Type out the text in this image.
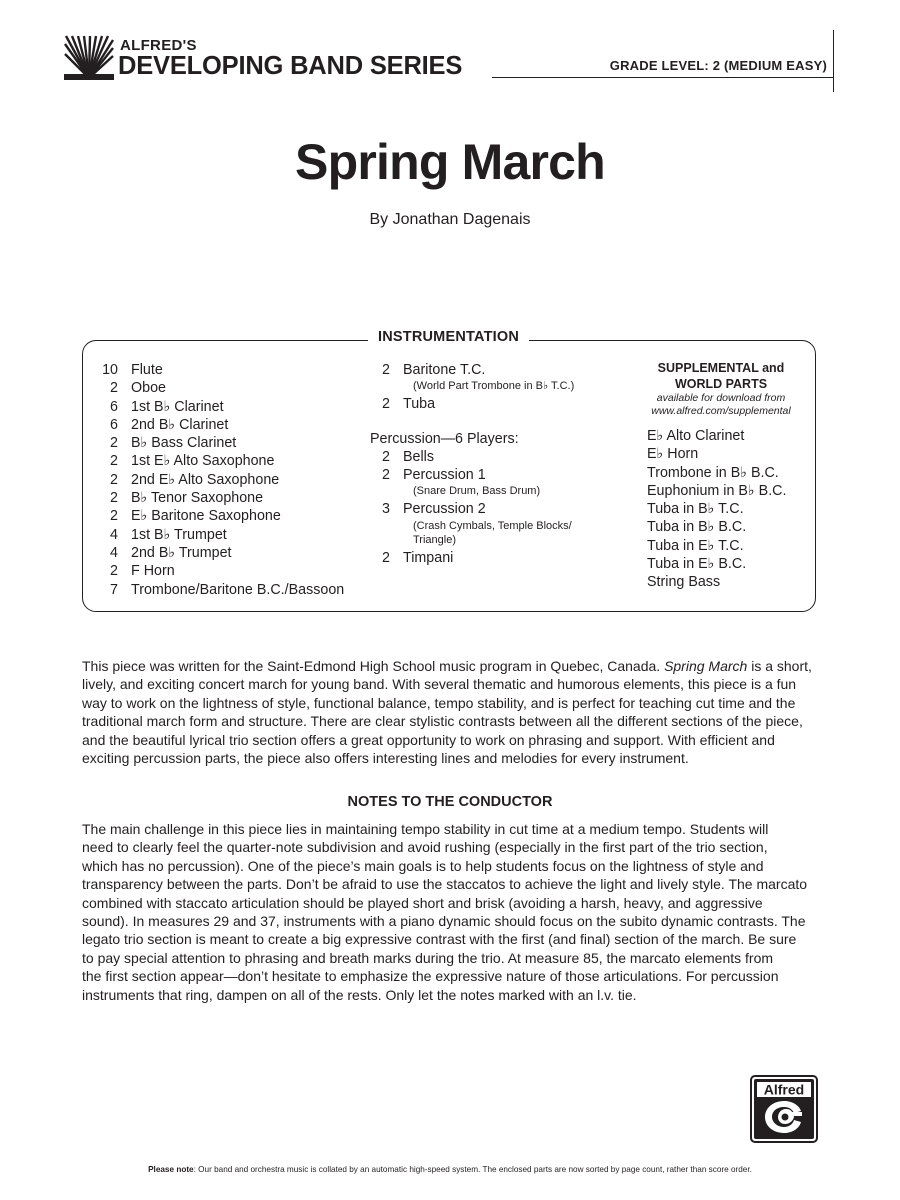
ALFRED'S
DEVELOPING BAND SERIES	GRADE LEVEL: 2 (MEDIUM EASY)
Spring March
By Jonathan Dagenais
INSTRUMENTATION
10 Flute
2 Oboe
6 1st B♭ Clarinet
6 2nd B♭ Clarinet
2 B♭ Bass Clarinet
2 1st E♭ Alto Saxophone
2 2nd E♭ Alto Saxophone
2 B♭ Tenor Saxophone
2 E♭ Baritone Saxophone
4 1st B♭ Trumpet
4 2nd B♭ Trumpet
2 F Horn
7 Trombone/Baritone B.C./Bassoon
2 Baritone T.C.
(World Part Trombone in B♭ T.C.)
2 Tuba
Percussion—6 Players:
2 Bells
2 Percussion 1
(Snare Drum, Bass Drum)
3 Percussion 2
(Crash Cymbals, Temple Blocks/
Triangle)
2 Timpani
SUPPLEMENTAL and
WORLD PARTS
available for download from
www.alfred.com/supplemental
E♭ Alto Clarinet
E♭ Horn
Trombone in B♭ B.C.
Euphonium in B♭ B.C.
Tuba in B♭ T.C.
Tuba in B♭ B.C.
Tuba in E♭ T.C.
Tuba in E♭ B.C.
String Bass
This piece was written for the Saint-Edmond High School music program in Quebec, Canada. Spring March is a short,
lively, and exciting concert march for young band. With several thematic and humorous elements, this piece is a fun
way to work on the lightness of style, functional balance, tempo stability, and is perfect for teaching cut time and the
traditional march form and structure. There are clear stylistic contrasts between all the different sections of the piece,
and the beautiful lyrical trio section offers a great opportunity to work on phrasing and support. With efficient and
exciting percussion parts, the piece also offers interesting lines and melodies for every instrument.
NOTES TO THE CONDUCTOR
The main challenge in this piece lies in maintaining tempo stability in cut time at a medium tempo. Students will
need to clearly feel the quarter-note subdivision and avoid rushing (especially in the first part of the trio section,
which has no percussion). One of the piece’s main goals is to help students focus on the lightness of style and
transparency between the parts. Don’t be afraid to use the staccatos to achieve the light and lively style. The marcato
combined with staccato articulation should be played short and brisk (avoiding a harsh, heavy, and aggressive
sound). In measures 29 and 37, instruments with a piano dynamic should focus on the subito dynamic contrasts. The
legato trio section is meant to create a big expressive contrast with the first (and final) section of the march. Be sure
to pay special attention to phrasing and breath marks during the trio. At measure 85, the marcato elements from
the first section appear—don’t hesitate to emphasize the expressive nature of those articulations. For percussion
instruments that ring, dampen on all of the rests. Only let the notes marked with an l.v. tie.
Alfred
Please note: Our band and orchestra music is collated by an automatic high-speed system. The enclosed parts are now sorted by page count, rather than score order.
